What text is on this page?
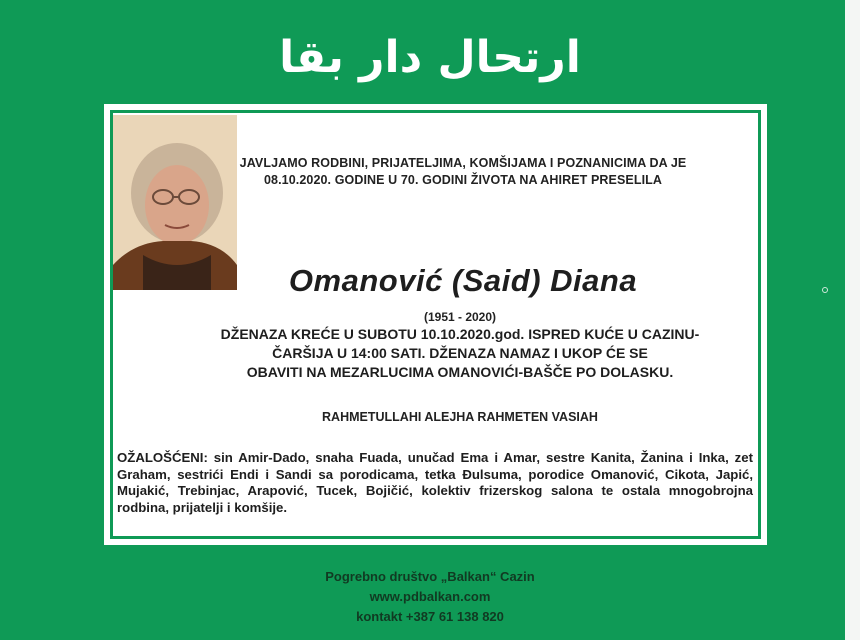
ارتحال دار بقا
JAVLJAMO RODBINI, PRIJATELJIMA, KOMŠIJAMA I POZNANICIMA DA JE 08.10.2020. GODINE U 70. GODINI ŽIVOTA NA AHIRET PRESELILA
Omanović (Said) Diana
(1951 - 2020)
DŽENAZA KREĆE U SUBOTU 10.10.2020.god. ISPRED KUĆE U CAZINU-
ČARŠIJA U 14:00 SATI. DŽENAZA NAMAZ I UKOP ĆE SE
OBAVITI NA MEZARLUCIMA OMANOVIĆI-BAŠČE PO DOLASKU.
RAHMETULLAHI ALEJHA RAHMETEN VASIAH
OŽALOŠĆENI: sin Amir-Dado, snaha Fuada, unučad Ema i Amar, sestre Kanita, Žanina i Inka, zet Graham, sestrići Endi i Sandi sa porodicama, tetka Đulsuma, porodice Omanović, Cikota, Japić, Mujakić, Trebinjac, Arapović, Tucek, Bojičić, kolektiv frizerskog salona te ostala mnogobrojna rodbina, prijatelji i komšije.
Pogrebno društvo „Balkan“ Cazin
www.pdbalkan.com
kontakt +387 61 138 820
